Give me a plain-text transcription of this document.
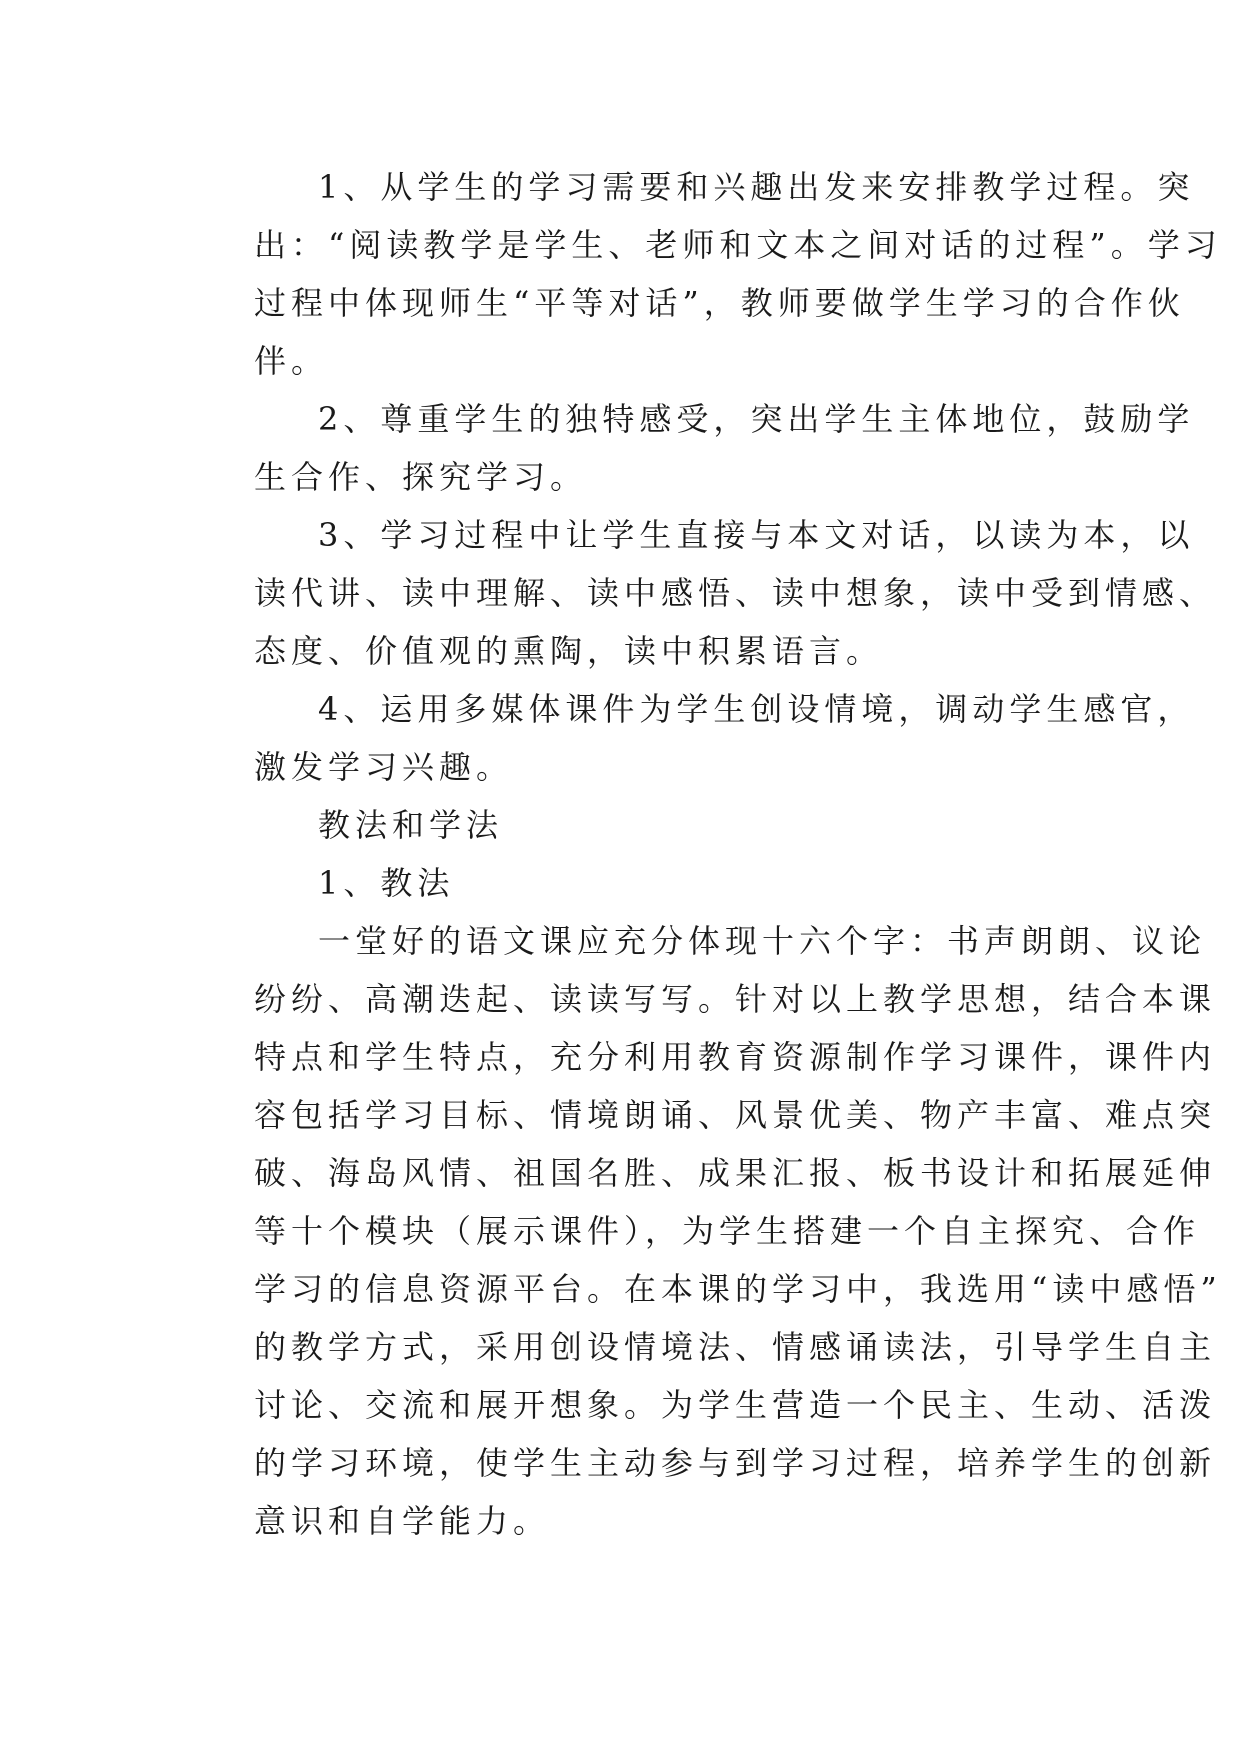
1、从学生的学习需要和兴趣出发来安排教学过程。突
出：“阅读教学是学生、老师和文本之间对话的过程”。学习
过程中体现师生“平等对话”，教师要做学生学习的合作伙
伴。
2、尊重学生的独特感受，突出学生主体地位，鼓励学
生合作、探究学习。
3、学习过程中让学生直接与本文对话，以读为本，以
读代讲、读中理解、读中感悟、读中想象，读中受到情感、
态度、价值观的熏陶，读中积累语言。
4、运用多媒体课件为学生创设情境，调动学生感官，
激发学习兴趣。
教法和学法
1、教法
一堂好的语文课应充分体现十六个字：书声朗朗、议论
纷纷、高潮迭起、读读写写。针对以上教学思想，结合本课
特点和学生特点，充分利用教育资源制作学习课件，课件内
容包括学习目标、情境朗诵、风景优美、物产丰富、难点突
破、海岛风情、祖国名胜、成果汇报、板书设计和拓展延伸
等十个模块（展示课件），为学生搭建一个自主探究、合作
学习的信息资源平台。在本课的学习中，我选用“读中感悟”
的教学方式，采用创设情境法、情感诵读法，引导学生自主
讨论、交流和展开想象。为学生营造一个民主、生动、活泼
的学习环境，使学生主动参与到学习过程，培养学生的创新
意识和自学能力。
